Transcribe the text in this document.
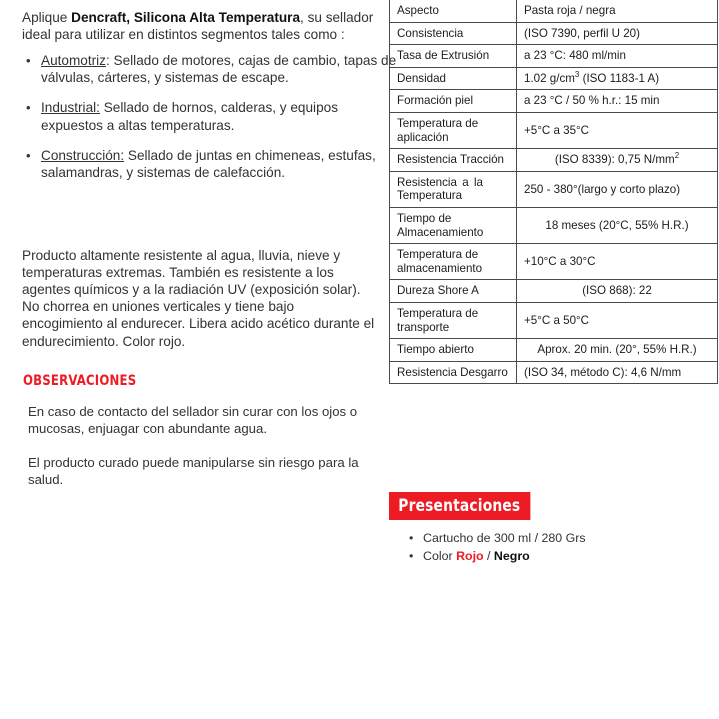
Aplique Dencraft, Silicona Alta Temperatura, su sellador ideal para utilizar en distintos segmentos tales como :

• Automotriz: Sellado de motores, cajas de cambio, tapas de válvulas, cárteres, y sistemas de escape.
• Industrial: Sellado de hornos, calderas, y equipos expuestos a altas temperaturas.
• Construcción: Sellado de juntas en chimeneas, estufas, salamandras, y sistemas de calefacción.

Producto altamente resistente al agua, lluvia, nieve y temperaturas extremas. También es resistente a los agentes químicos y a la radiación UV (exposición solar). No chorrea en uniones verticales y tiene bajo encogimiento al endurecer. Libera acido acético durante el endurecimiento. Color rojo.

OBSERVACIONES

En caso de contacto del sellador sin curar con los ojos o mucosas, enjuagar con abundante agua.

El producto curado puede manipularse sin riesgo para la salud.

Aspecto	Pasta roja / negra
Consistencia	(ISO 7390, perfil U 20)
Tasa de Extrusión	a 23 °C: 480 ml/min
Densidad	1.02 $g/cm^3$ (ISO 1183-1 A)
Formación piel	a 23 °C / 50 % h.r.: 15 min
Temperatura de aplicación	+5°C a 35°C
Resistencia Tracción	(ISO 8339): 0,75 $N/mm^2$
Resistencia a la
Temperatura	250 - 380°(largo y corto plazo)
Tiempo de Almacenamiento	18 meses (20°C, 55% H.R.)
Temperatura de almacenamiento	+10°C a 30°C
Dureza Shore A	(ISO 868): 22
Temperatura de transporte	+5°C a 50°C
Tiempo abierto	Aprox. 20 min. (20°, 55% H.R.)
Resistencia Desgarro	(ISO 34, método C): 4,6 N/mm
Presentaciones
• Cartucho de 300 ml / 280 Grs
• Color Rojo / Negro
